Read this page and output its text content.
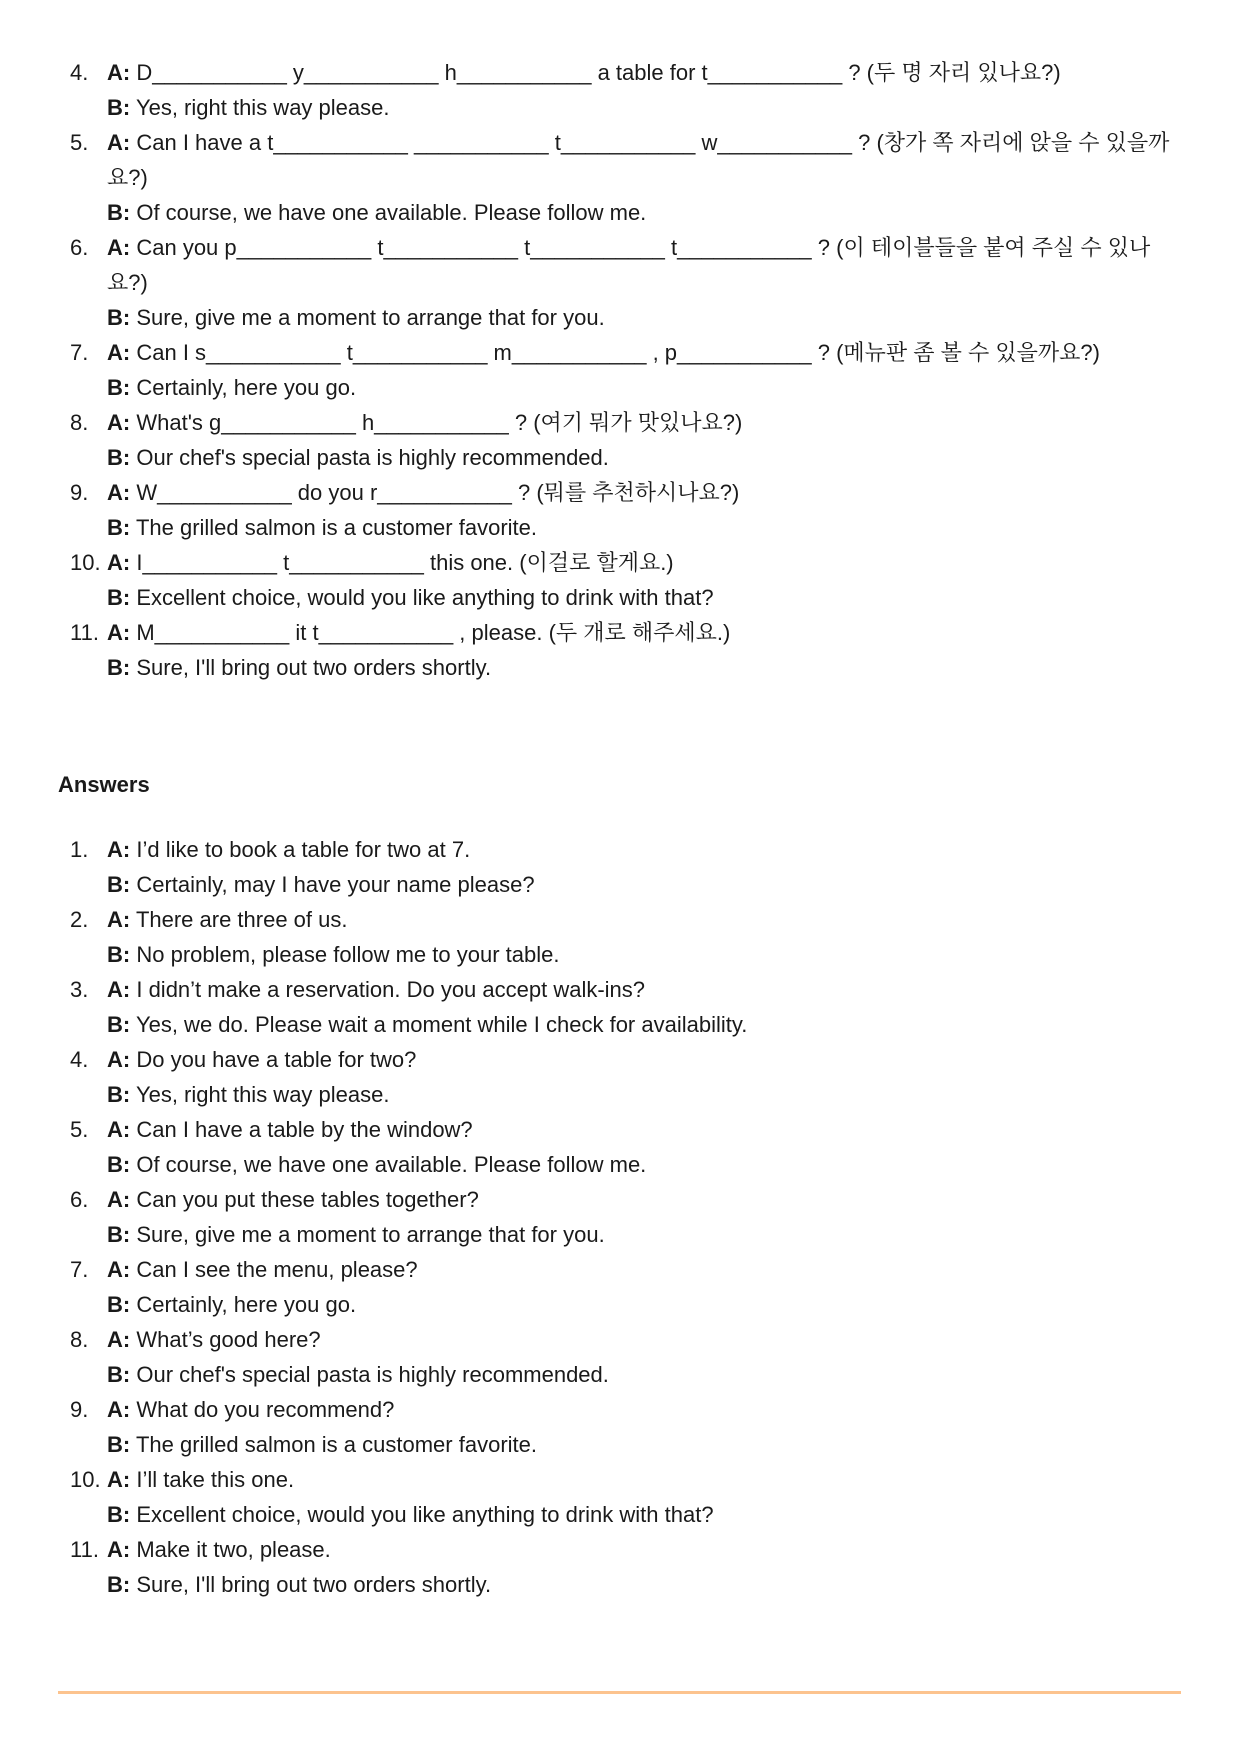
4. A: D___________ y___________ h___________ a table for t___________ ? (두 명 자리 있나요?)
B: Yes, right this way please.
5. A: Can I have a t___________ ___________ t___________ w___________ ? (창가 쪽 자리에 앉을 수 있을까요?)
B: Of course, we have one available. Please follow me.
6. A: Can you p___________ t___________ t___________ t___________ ? (이 테이블들을 붙여 주실 수 있나요?)
B: Sure, give me a moment to arrange that for you.
7. A: Can I s___________ t___________ m___________ , p___________ ? (메뉴판 좀 볼 수 있을까요?)
B: Certainly, here you go.
8. A: What's g___________ h___________ ? (여기 뭐가 맛있나요?)
B: Our chef's special pasta is highly recommended.
9. A: W___________ do you r___________ ? (뭐를 추천하시나요?)
B: The grilled salmon is a customer favorite.
10. A: I___________ t___________ this one. (이걸로 할게요.)
B: Excellent choice, would you like anything to drink with that?
11. A: M___________ it t___________ , please. (두 개로 해주세요.)
B: Sure, I'll bring out two orders shortly.
Answers
1. A: I’d like to book a table for two at 7.
B: Certainly, may I have your name please?
2. A: There are three of us.
B: No problem, please follow me to your table.
3. A: I didn’t make a reservation. Do you accept walk-ins?
B: Yes, we do. Please wait a moment while I check for availability.
4. A: Do you have a table for two?
B: Yes, right this way please.
5. A: Can I have a table by the window?
B: Of course, we have one available. Please follow me.
6. A: Can you put these tables together?
B: Sure, give me a moment to arrange that for you.
7. A: Can I see the menu, please?
B: Certainly, here you go.
8. A: What’s good here?
B: Our chef's special pasta is highly recommended.
9. A: What do you recommend?
B: The grilled salmon is a customer favorite.
10. A: I’ll take this one.
B: Excellent choice, would you like anything to drink with that?
11. A: Make it two, please.
B: Sure, I'll bring out two orders shortly.
